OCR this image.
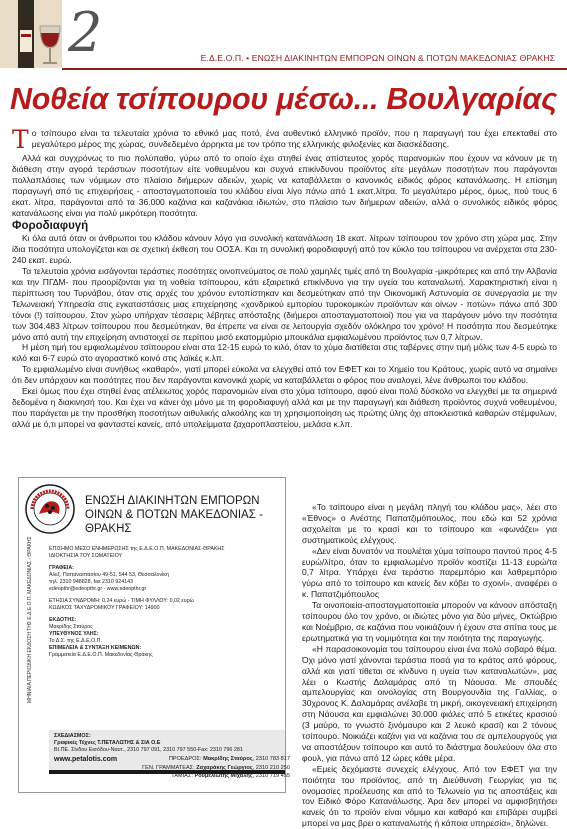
2	Ε.Δ.Ε.Ο.Π. • ΕΝΩΣΗ ΔΙΑΚΙΝΗΤΩΝ ΕΜΠΟΡΩΝ ΟΙΝΩΝ & ΠΟΤΩΝ ΜΑΚΕΔΟΝΙΑΣ ΘΡΑΚΗΣ
Νοθεία τσίπουρου μέσω... Βουλγαρίας
Τ ο τσίπουρο είναι τα τελευταία χρόνια το εθνικό μας ποτό, ένα αυθεντικό ελληνικό προϊόν, που η παραγωγή του έχει επεκταθεί στο μεγαλύτερο μέρος της χώρας, συνδεδεμένο άρρηκτα με τον τρόπο της ελληνικής φιλοξενίες και διασκέδασης.

Αλλά και συγχρόνως το πιο πολύπαθο, γύρω από το οποίο έχει στηθεί ένας απίστευτος χορός παρανομιών που έχουν να κάνουν με τη διάθεση στην αγορά τεράστιων ποσοτήτων είτε νοθευμένου και συχνά επικίνδυνου προϊόντος είτε μεγάλων ποσοτήτων που παράγονται πολλαπλάσιες των νόμιμων στο πλαίσιο διήμερων αδειών, χωρίς να καταβάλλεται ο κανονικός ειδικός φόρος κατανάλωσης. Η επίσημη παραγωγή από τις επιχειρήσεις - αποσταγματοποιεία του κλάδου είναι λίγο πάνω από 1 εκατ.λίτρα. Το μεγαλύτερο μέρος, όμως, πού τους 6 εκατ. λίτρα, παράγονται από τα 36.000 καζάνια και καζανάκια ιδιωτών, στο πλαίσιο των διήμερων αδειών, αλλά ο συνολικός ειδικός φόρος κατανάλωσης είναι για πολύ μικρότερη ποσότητα.

Φοροδιαφυγή

Κι όλα αυτά όταν οι άνθρωποι του κλάδου κάνουν λόγο για συνολική κατανάλωση 18 εκατ. λίτρων τσίπουρου τον χρόνο στη χώρα μας. Στην ίδια ποσότητα υπολογίζεται και σε σχετική έκθεση του ΟΟΣΑ. Και τη συνολική φοροδιαφυγή από τον κύκλο του τσίπουρου να ανέρχεται στα 230-240 εκατ. ευρώ.

Τα τελευταία χρόνια εισάγονται τεράστιες ποσότητες οινοπνεύματος σε πολύ χαμηλές τιμές από τη Βουλγαρία -μικρότερες και από την Αλβανία και την ΠΓΔΜ- που προορίζονται για τη νοθεία τσίπουρου, κάτι εξαιρετικά επικίνδυνο για την υγεία του καταναλωτή. Χαρακτηριστική είναι η περίπτωση του Τυρνάβου, όταν στις αρχές του χρόνου εντοπίστηκαν και δεσμεύτηκαν από την Οικονομική Αστυνομία σε συνεργασία με την Τελωνειακή Υπηρεσία στις εγκαταστάσεις μιας επιχείρησης «χονδρικού εμπορίου τυροκομικών προϊόντων και οίνων - ποτών» πάνω από 300 τόνοι (!) τσίπουρου. Στον χώρο υπήρχαν τέσσερις λέβητες απόσταξης (διήμεροι αποσταγματοποιοί) που για να παράγουν μόνο την ποσότητα των 304.483 λίτρων τσίπουρου που δεσμεύτηκαν, θα έπρεπε να είναι σε λειτουργία σχεδόν ολόκληρο τον χρόνο! Η ποσότητα που δεσμεύτηκε μόνο από αυτή την επιχείρηση αντιστοιχεί σε περίπου μισό εκατομμύριο μπουκάλια εμφιαλωμένου προϊόντος των 0,7 λίτρων.

Η μέση τιμή του εμφιαλωμένου τσίπουρου είναι στα 12-15 ευρώ το κιλό, όταν το χύμα διατίθεται στις ταβέρνες στην τιμή μόλις των 4-5 ευρώ το κιλό και 6-7 ευρώ στο αγοραστικό κοινό στις λαϊκές κ.λπ.

Το εμφιαλωμένο είναι συνήθως «καθαρό», γιατί μπορεί εύκολα να ελεγχθεί από τον ΕΦΕΤ και το Χημείο του Κράτους, χωρίς αυτό να σημαίνει ότι δεν υπάρχουν και ποσότητες που δεν παράγονται κανονικά χωρίς να καταβάλλεται ο φόρος που αναλογεί, λένε άνθρωποι του κλάδου.

Εκεί όμως που έχει στηθεί ένας ατέλειωτος χορός παρανομιών είναι στο χύμα τσίπουρο, αφού είναι πολύ δύσκολο να ελεγχθεί με τα σημερινά δεδομένα η διακινησή του. Και έχει να κάνει όχι μόνο με τη φοροδιαφυγή αλλά και με την παραγωγή και διάθεση προϊόντος συχνά νοθευμένου, που παράγεται με την προσθήκη ποσοτήτων αιθυλικής αλκοόλης και τη χρησιμοποίηση ως πρώτης ύλης όχι αποκλειστικά καθαρών στέμφυλων, αλλά με ό,τι μπορεί να φανταστεί κανείς, από υπολείμματα ζαχαροπλαστείου, μελάσα κ.λπ.

«Το τσίπουρο είναι η μεγάλη πληγή του κλάδου μας», λέει στο «Έθνος» ο Ανέστης Παπατζιμόπουλος, που εδώ και 52 χρόνια ασχολείται με το κρασί και το τσίπουρο και «φωνάζει» για συστηματικούς ελέγχους.

«Δεν είναι δυνατόν να πουλιέται χύμα τσίπουρο παντού προς 4-5 ευρώ/λίτρο, όταν το εμφιαλωμένο προϊόν κοστίζει 11-13 ευρώ/τα 0,7 λίτρα. Υπάρχει ένα τεράστιο παρεμπόριο και λαθρεμπόριο γύρω από το τσίπουρο και κανείς δεν κόβει το σχοινί», αναφέρει ο κ. Παπατζιμόπουλος

Τα οινοποιεία-αποσταγματοποιεία μπορούν να κάνουν απόσταξη τσίπουρου όλο τον χρόνο, οι ιδιώτες μόνο για δύο μήνες, Οκτώβριο και Νοέμβριο, σε καζάνια που νοικιάζουν ή έχουν στα σπίτια τους με ερωτηματικά για τη νομιμότητα και την ποιότητα της παραγωγής.

«Η παρασοικονομία του τσίπουρου είναι ένα πολύ σοβαρό θέμα. Όχι μόνο γιατί χάνονται τεράστια ποσά για το κράτος από φόρους, αλλά και γιατί τίθεται σε κίνδυνο η υγεία των καταναλωτών», μας λέει ο Κωστής Δαλαμάρας από τη Νάουσα. Με σπουδές αμπελουργίας και οινολογίας στη Βουργουνδία της Γαλλίας, ο 30χρονος Κ. Δαλαμάρας ανέλαβε τη μικρή, οικογενειακή επιχείρηση στη Νάουσα και εμφιαλώνει 30.000 φιάλες από 5 ετικέτες κρασιού (3 μαύρο, το γνωστό ξινόμαυρο και 2 λευκό κρασί) και 2 τόνους τσίπουρο. Νοικιάζει καζάνι για να καζάνια του σε αμπελουργούς για να αποστάξουν τσίπουρο και αυτό το διάστημα δουλεύουν όλα στο φουλ, για πάνω από 12 ώρες κάθε μέρα.

«Εμείς δεχόμαστε συνεχείς ελέγχους. Από τον ΕΦΕΤ για την ποιότητα του προϊόντος, από τη Διεύθυνση Γεωργίας για τις ονομασίες προέλευσης και από το Τελωνείο για τις αποστάξεις και τον Ειδικό Φόρο Κατανάλωσης. Άρα δεν μπορεί να αμφισβητήσει κανείς ότι το προϊόν είναι νόμιμο και καθαρό και επιβάρει συμβεί μπορεί να μας βρει ο καταναλωτής ή κάποια υπηρεσία», δηλώνει.

ΕΝΩΣΗ ΔΙΑΚΙΝΗΤΩΝ ΕΜΠΟΡΩΝ ΟΙΝΩΝ & ΠΟΤΩΝ ΜΑΚΕΔΟΝΙΑΣ - ΘΡΑΚΗΣ
ΜΗΝΙΑΙΑ ΠΕΡΙΟΔΙΚΗ ΕΚΔΟΣΗ ΤΗΣ Ε.Δ.Ε.Ο.Π. ΜΑΚΕΔΟΝΙΑΣ - ΘΡΑΚΗΣ	ΕΠΙΣΗΜΟ ΜΕΣΟ ΕΝΗΜΕΡΩΣΗΣ της Ε.Δ.Ε.Ο.Π. ΜΑΚΕΔΟΝΙΑΣ-ΘΡΑΚΗΣ
ΙΔΙΟΚΤΗΣΙΑ ΤΟΥ ΣΩΜΑΤΕΙΟΥ
ΓΡΑΦΕΙΑ:
Αλεξ. Παπαναστασίου 49-51, 544 53, Θεσσαλονίκη
τηλ. 2310 948828, fax 2310 924143
edeopthr@edeopthr.gr - www.edeopthr.gr
ΕΤΗΣΙΑ ΣΥΝΔΡΟΜΗ: 0,24 ευρώ - ΤΙΜΗ ΦΥΛΛΟΥ: 0,02 ευρώ
ΚΩΔΙΚΟΣ ΤΑΧΥΔΡΟΜΙΚΟΥ ΓΡΑΦΕΙΟΥ: 14900
ΕΚΔΟΤΗΣ:
Μακρίδης Σταύρος
ΥΠΕΥΘΥΝΟΣ ΥΛΗΣ:
Το Δ.Σ. της Ε.Δ.Ε.Ο.Π.
ΕΠΙΜΕΛΕΙΑ & ΣΥΝΤΑΞΗ ΚΕΙΜΕΝΩΝ:
Γραμματεία Ε.Δ.Ε.Ο.Π. Μακεδονίας-Θράκης
ΣΧΕΔΙΑΣΜΟΣ:
Γραφικές Τέχνες Τ.ΠΕΤΑΛΩΤΗΣ & ΣΙΑ Ο.Ε
ΒΙ.ΠΕ. Σίνδου Εισόδου-Ναυτ., 2310 797 091, 2310 797 550-Fax: 2310 796 281
www.petalotis.com	ΠΡΟΕΔΡΟΣ: Μακρίδης Σταύρος, 2310 783 817
ΓΕΝ. ΓΡΑΜΜΑΤΕΑΣ: Ζαχαράκης Γεώργιος, 2310 210 250
ΤΑΜΙΑΣ: Ρουμελιώτης Μιχάλης, 2310 719 455
